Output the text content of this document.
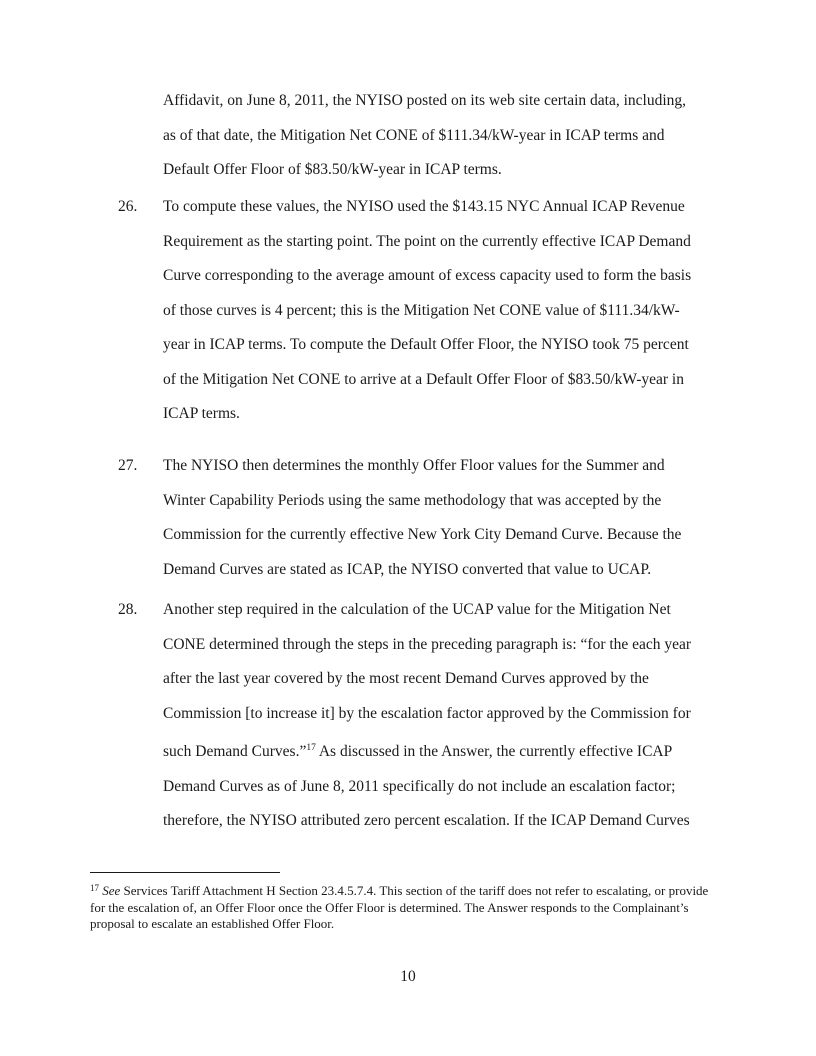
Affidavit, on June 8, 2011, the NYISO posted on its web site certain data, including,
as of that date, the Mitigation Net CONE of $111.34/kW-year in ICAP terms and
Default Offer Floor of $83.50/kW-year in ICAP terms.
26. To compute these values, the NYISO used the $143.15 NYC Annual ICAP Revenue
Requirement as the starting point. The point on the currently effective ICAP Demand
Curve corresponding to the average amount of excess capacity used to form the basis
of those curves is 4 percent; this is the Mitigation Net CONE value of $111.34/kW-
year in ICAP terms. To compute the Default Offer Floor, the NYISO took 75 percent
of the Mitigation Net CONE to arrive at a Default Offer Floor of $83.50/kW-year in
ICAP terms.
27. The NYISO then determines the monthly Offer Floor values for the Summer and
Winter Capability Periods using the same methodology that was accepted by the
Commission for the currently effective New York City Demand Curve. Because the
Demand Curves are stated as ICAP, the NYISO converted that value to UCAP.
28. Another step required in the calculation of the UCAP value for the Mitigation Net
CONE determined through the steps in the preceding paragraph is: “for the each year
after the last year covered by the most recent Demand Curves approved by the
Commission [to increase it] by the escalation factor approved by the Commission for
such Demand Curves.”$^{17}$ As discussed in the Answer, the currently effective ICAP
Demand Curves as of June 8, 2011 specifically do not include an escalation factor;
therefore, the NYISO attributed zero percent escalation. If the ICAP Demand Curves
$^{17}$ See Services Tariff Attachment H Section 23.4.5.7.4. This section of the tariff does not refer to escalating, or provide for the escalation of, an Offer Floor once the Offer Floor is determined. The Answer responds to the Complainant’s proposal to escalate an established Offer Floor.
10
